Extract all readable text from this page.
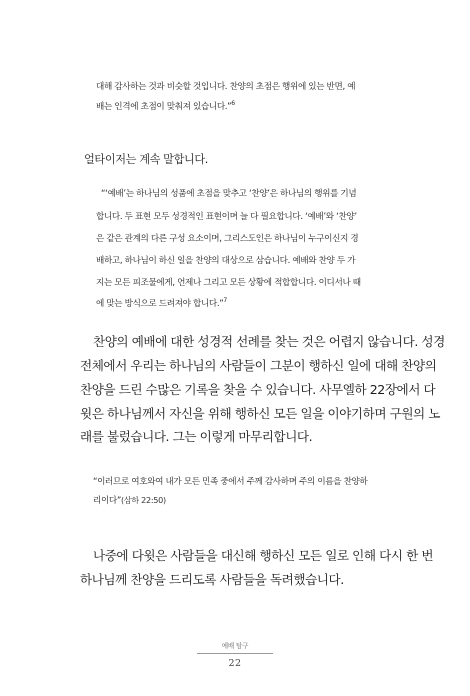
대해 감사하는 것과 비슷할 것입니다. 찬양의 초점은 행위에 있는 반면, 예
배는 인격에 초점이 맞춰져 있습니다.”$^6$
얼타이저는 계속 말합니다.
“‘예배’는 하나님의 성품에 초점을 맞추고 ‘찬양’은 하나님의 행위를 기념
합니다. 두 표현 모두 성경적인 표현이며 늘 다 필요합니다. ‘예배’와 ‘찬양’
은 같은 관계의 다른 구성 요소이며, 그리스도인은 하나님이 누구이신지 경
배하고, 하나님이 하신 일을 찬양의 대상으로 삼습니다. 예배와 찬양 두 가
지는 모든 피조물에게, 언제나 그리고 모든 상황에 적합합니다. 이디서나 때
에 맞는 방식으로 드려져야 합니다.”$^7$
찬양의 예배에 대한 성경적 선례를 찾는 것은 어렵지 않습니다. 성경
전체에서 우리는 하나님의 사람들이 그분이 행하신 일에 대해 찬양의
찬양을 드린 수많은 기록을 찾을 수 있습니다. 사무엘하 22장에서 다
윗은 하나님께서 자신을 위해 행하신 모든 일을 이야기하며 구원의 노
래를 불렀습니다. 그는 이렇게 마무리합니다.
“이러므로 여호와여 내가 모든 민족 중에서 주께 감사하며 주의 이름을 찬양하
리이다”(삼하 22:50)
나중에 다윗은 사람들을 대신해 행하신 모든 일로 인해 다시 한 번
하나님께 찬양을 드리도록 사람들을 독려했습니다.
예배 탐구
22
